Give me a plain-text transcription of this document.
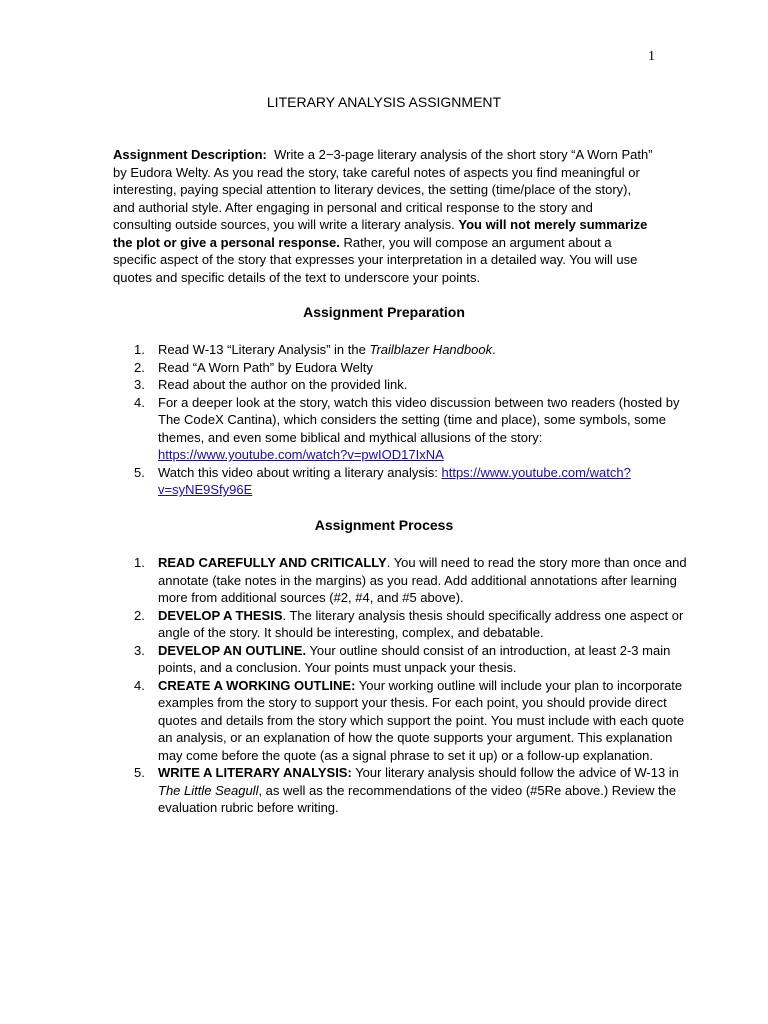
1
LITERARY ANALYSIS ASSIGNMENT
Assignment Description: Write a 2−3-page literary analysis of the short story “A Worn Path” by Eudora Welty. As you read the story, take careful notes of aspects you find meaningful or interesting, paying special attention to literary devices, the setting (time/place of the story), and authorial style. After engaging in personal and critical response to the story and consulting outside sources, you will write a literary analysis. You will not merely summarize the plot or give a personal response. Rather, you will compose an argument about a specific aspect of the story that expresses your interpretation in a detailed way. You will use quotes and specific details of the text to underscore your points.
Assignment Preparation
Read W-13 “Literary Analysis” in the Trailblazer Handbook.
Read “A Worn Path” by Eudora Welty
Read about the author on the provided link.
For a deeper look at the story, watch this video discussion between two readers (hosted by The CodeX Cantina), which considers the setting (time and place), some symbols, some themes, and even some biblical and mythical allusions of the story: https://www.youtube.com/watch?v=pwIOD17IxNA
Watch this video about writing a literary analysis: https://www.youtube.com/watch?v=syNE9Sfy96E
Assignment Process
READ CAREFULLY AND CRITICALLY. You will need to read the story more than once and annotate (take notes in the margins) as you read. Add additional annotations after learning more from additional sources (#2, #4, and #5 above).
DEVELOP A THESIS. The literary analysis thesis should specifically address one aspect or angle of the story. It should be interesting, complex, and debatable.
DEVELOP AN OUTLINE. Your outline should consist of an introduction, at least 2-3 main points, and a conclusion. Your points must unpack your thesis.
CREATE A WORKING OUTLINE: Your working outline will include your plan to incorporate examples from the story to support your thesis. For each point, you should provide direct quotes and details from the story which support the point. You must include with each quote an analysis, or an explanation of how the quote supports your argument. This explanation may come before the quote (as a signal phrase to set it up) or a follow-up explanation.
WRITE A LITERARY ANALYSIS: Your literary analysis should follow the advice of W-13 in The Little Seagull, as well as the recommendations of the video (#5Re above.) Review the evaluation rubric before writing.
